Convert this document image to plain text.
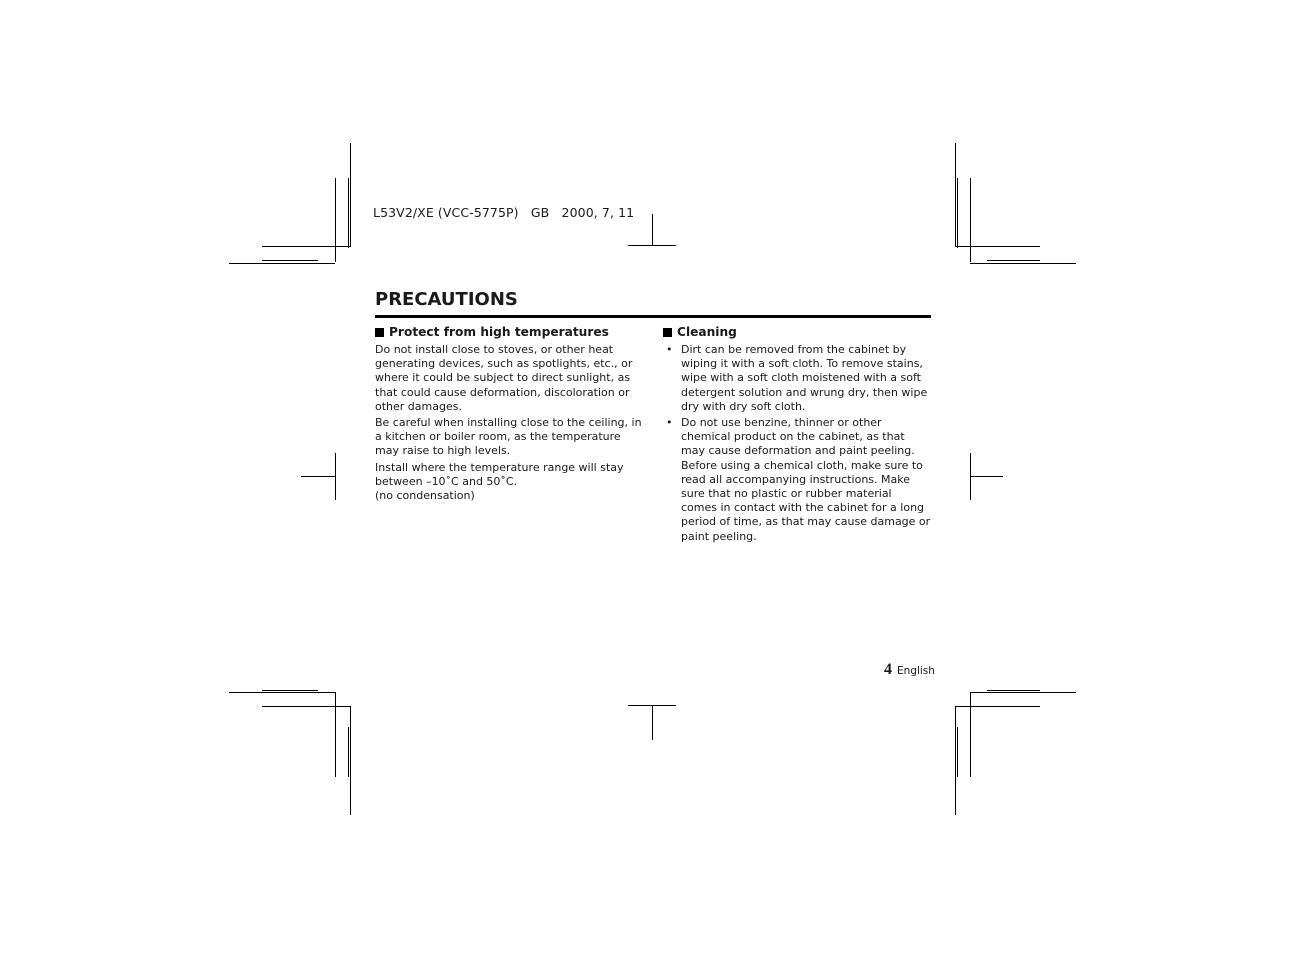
L53V2/XE (VCC-5775P)   GB   2000, 7, 11
PRECAUTIONS
Protect from high temperatures

Do not install close to stoves, or other heat generating devices, such as spotlights, etc., or where it could be subject to direct sunlight, as that could cause deformation, discoloration or other damages.

Be careful when installing close to the ceiling, in a kitchen or boiler room, as the temperature may raise to high levels.

Install where the temperature range will stay between –10˚C and 50˚C.

(no condensation)

Cleaning
• Dirt can be removed from the cabinet by wiping it with a soft cloth. To remove stains, wipe with a soft cloth moistened with a soft detergent solution and wrung dry, then wipe dry with dry soft cloth.
• Do not use benzine, thinner or other chemical product on the cabinet, as that may cause deformation and paint peeling. Before using a chemical cloth, make sure to read all accompanying instructions. Make sure that no plastic or rubber material comes in contact with the cabinet for a long period of time, as that may cause damage or paint peeling.
4 English
